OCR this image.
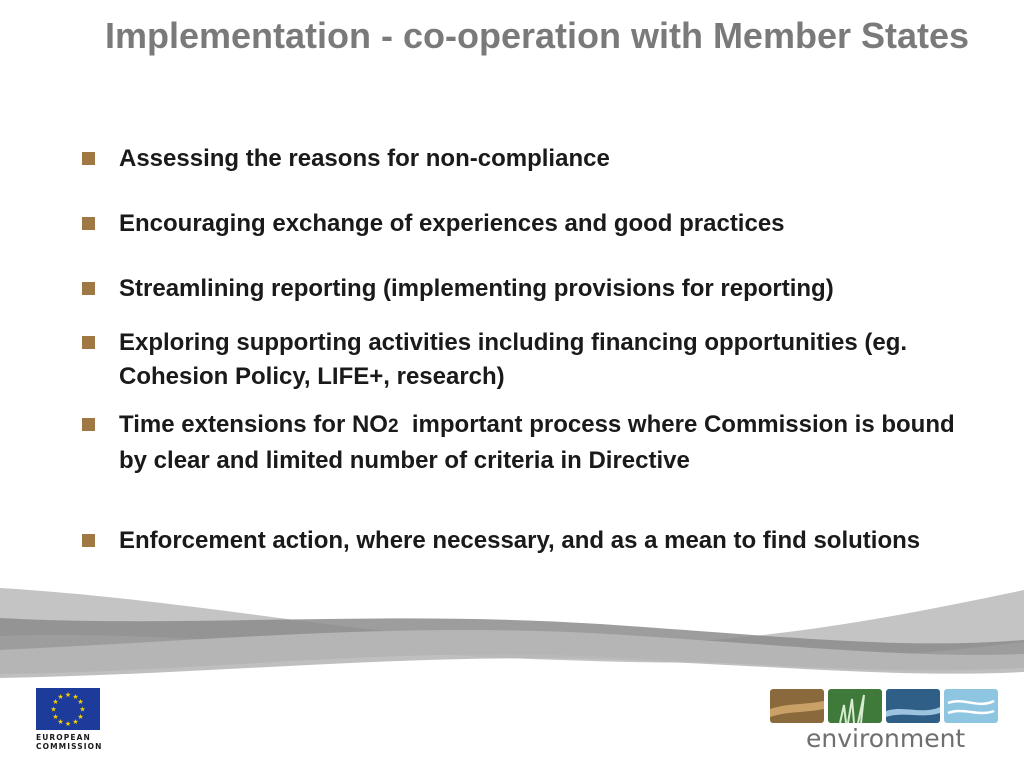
Implementation - co-operation with Member States
Assessing the reasons for non-compliance
Encouraging exchange of experiences and good practices
Streamlining reporting (implementing provisions for reporting)
Exploring supporting activities including financing opportunities (eg. Cohesion Policy, LIFE+, research)
Time extensions for NO2  important process where Commission is bound by clear and limited number of criteria in Directive
Enforcement action, where necessary, and as a mean to find solutions
★ ★
★
★
★
★
★
★
★
★
★
★
EUROPEAN
COMMISSION	environment
